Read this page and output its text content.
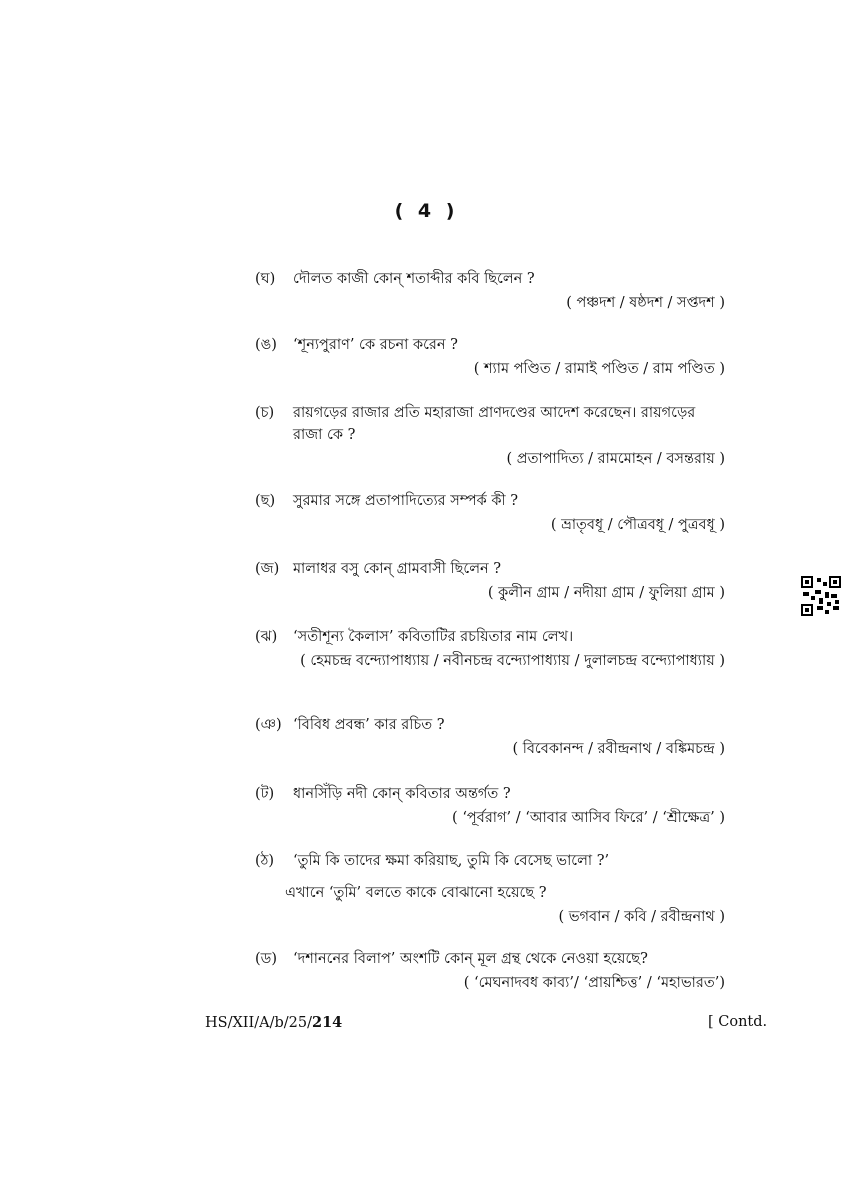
( 4 )
(ঘ) দৌলত কাজী কোন্ শতাব্দীর কবি ছিলেন ?
( পঞ্চদশ / ষষ্ঠদশ / সপ্তদশ )
(ঙ) ‘শূন্যপুরাণ’ কে রচনা করেন ?
( শ্যাম পণ্ডিত / রামাই পণ্ডিত / রাম পণ্ডিত )
(চ) রায়গড়ের রাজার প্রতি মহারাজা প্রাণদণ্ডের আদেশ করেছেন। রায়গড়ের রাজা কে ?
( প্রতাপাদিত্য / রামমোহন / বসন্তরায় )
(ছ) সুরমার সঙ্গে প্রতাপাদিত্যের সম্পর্ক কী ?
( ভ্রাতৃবধূ / পৌত্রবধূ / পুত্রবধূ )
(জ) মালাধর বসু কোন্ গ্রামবাসী ছিলেন ?
( কুলীন গ্রাম / নদীয়া গ্রাম / ফুলিয়া গ্রাম )
(ঝ) ‘সতীশূন্য কৈলাস’ কবিতাটির রচয়িতার নাম লেখ।
( হেমচন্দ্র বন্দ্যোপাধ্যায় / নবীনচন্দ্র বন্দ্যোপাধ্যায় / দুলালচন্দ্র বন্দ্যোপাধ্যায় )
(ঞ) ‘বিবিধ প্রবন্ধ’ কার রচিত ?
( বিবেকানন্দ / রবীন্দ্রনাথ / বঙ্কিমচন্দ্র )
(ট) ধানসিঁড়ি নদী কোন্ কবিতার অন্তর্গত ?
( ‘পূর্বরাগ’ / ‘আবার আসিব ফিরে’ / ‘শ্রীক্ষেত্র’ )
(ঠ) ‘তুমি কি তাদের ক্ষমা করিয়াছ, তুমি কি বেসেছ ভালো ?’
এখানে ‘তুমি’ বলতে কাকে বোঝানো হয়েছে ?
( ভগবান / কবি / রবীন্দ্রনাথ )
(ড) ‘দশাননের বিলাপ’ অংশটি কোন্ মূল গ্রন্থ থেকে নেওয়া হয়েছে?
( ‘মেঘনাদবধ কাব্য’/ ‘প্রায়শ্চিত্ত’ / ‘মহাভারত’)
HS/XII/A/b/25/214	[ Contd.
